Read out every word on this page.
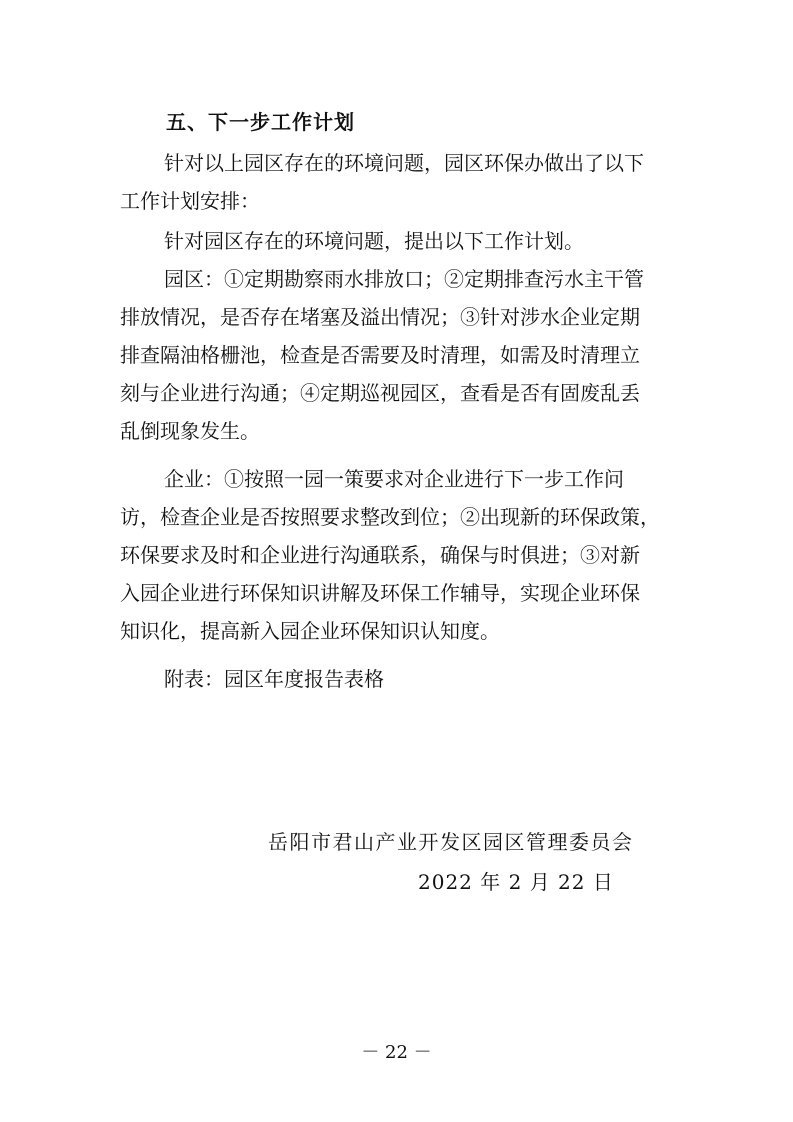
五、下一步工作计划
针对以上园区存在的环境问题，园区环保办做出了以下
工作计划安排：
针对园区存在的环境问题，提出以下工作计划。
园区：①定期勘察雨水排放口；②定期排查污水主干管
排放情况，是否存在堵塞及溢出情况；③针对涉水企业定期
排查隔油格栅池，检查是否需要及时清理，如需及时清理立
刻与企业进行沟通；④定期巡视园区，查看是否有固废乱丢
乱倒现象发生。
企业：①按照一园一策要求对企业进行下一步工作问
访，检查企业是否按照要求整改到位；②出现新的环保政策，
环保要求及时和企业进行沟通联系，确保与时俱进；③对新
入园企业进行环保知识讲解及环保工作辅导，实现企业环保
知识化，提高新入园企业环保知识认知度。
附表：园区年度报告表格
岳阳市君山产业开发区园区管理委员会
2022 年 2 月 22 日
－ 22 －
